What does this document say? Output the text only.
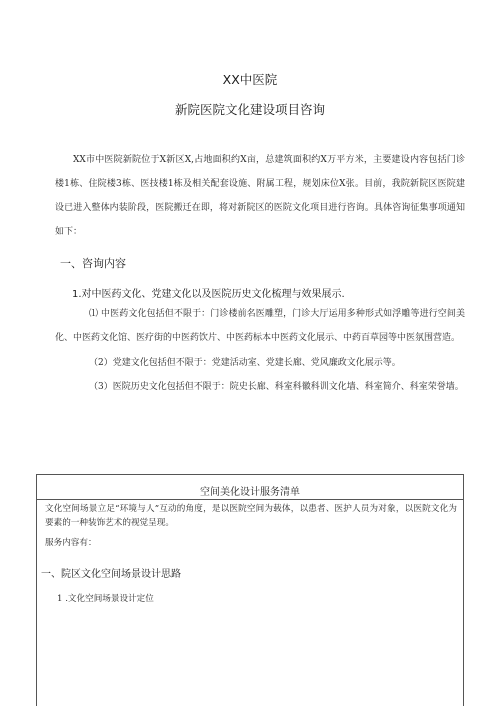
XX中医院
新院医院文化建设项目咨询

XX市中医院新院位于X新区X,占地面积约X亩，总建筑面积约X万平方米，主要建设内容包括门诊楼1栋、住院楼3栋、医技楼1栋及相关配套设施、附属工程，规划床位X张。目前，我院新院区医院建设已进入整体内装阶段，医院搬迁在即，将对新院区的医院文化项目进行咨询。具体咨询征集事项通知如下：

一、咨询内容
1.对中医药文化、党建文化以及医院历史文化梳理与效果展示.

⑴ 中医药文化包括但不限于：门诊楼前名医雕塑，门诊大厅运用多种形式如浮雕等进行空间美化、中医药文化馆、医疗街的中医药饮片、中医药标本中医药文化展示、中药百草园等中医氛围营造。

（2）党建文化包括但不限于：党建活动室、党建长廊、党风廉政文化展示等。

（3）医院历史文化包括但不限于：院史长廊、科室科徽科训文化墙、科室简介、科室荣誉墙。

空间美化设计服务清单

文化空间场景立足“环境与人”互动的角度，是以医院空间为载体，以患者、医护人员为对象，以医院文化为要素的一种装饰艺术的视觉呈现。

服务内容有：
一、院区文化空间场景设计思路
1 .文化空间场景设计定位
